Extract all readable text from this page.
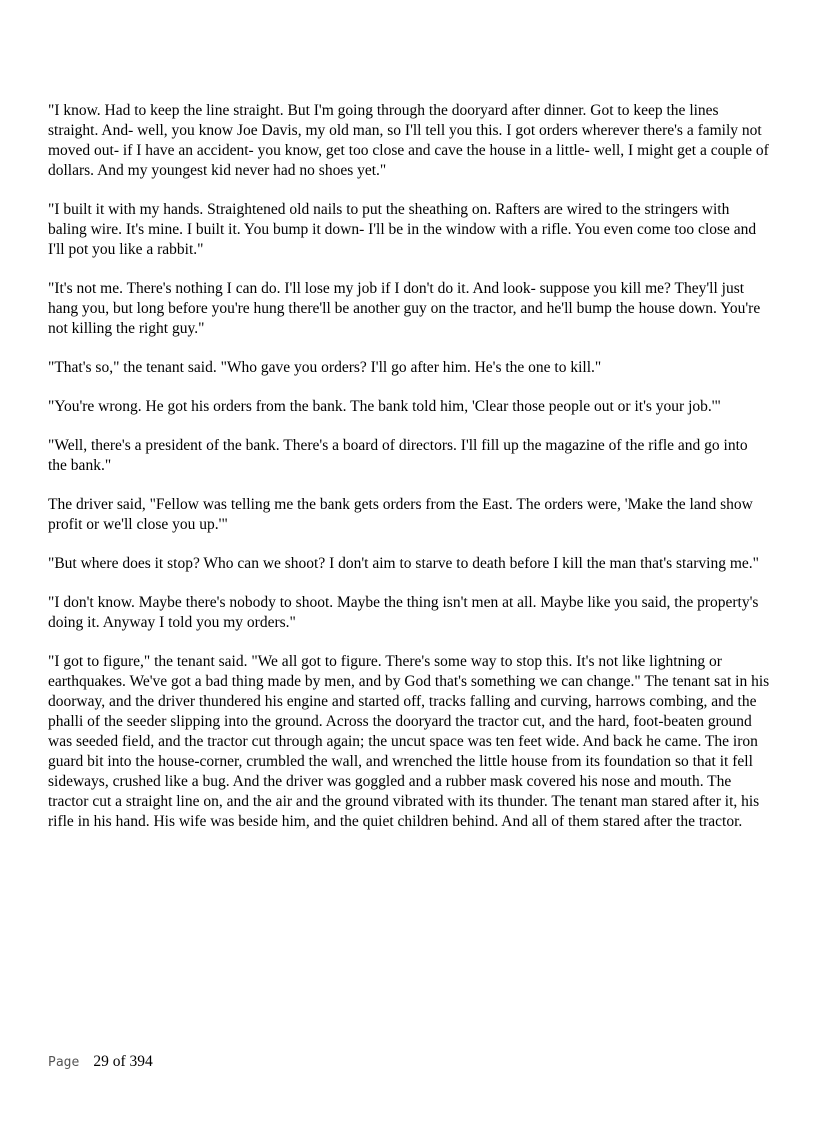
"I know. Had to keep the line straight. But I'm going through the dooryard after dinner. Got to keep the lines straight. And- well, you know Joe Davis, my old man, so I'll tell you this. I got orders wherever there's a family not moved out- if I have an accident- you know, get too close and cave the house in a little- well, I might get a couple of dollars. And my youngest kid never had no shoes yet."

"I built it with my hands. Straightened old nails to put the sheathing on. Rafters are wired to the stringers with baling wire. It's mine. I built it. You bump it down- I'll be in the window with a rifle. You even come too close and I'll pot you like a rabbit."

"It's not me. There's nothing I can do. I'll lose my job if I don't do it. And look- suppose you kill me? They'll just hang you, but long before you're hung there'll be another guy on the tractor, and he'll bump the house down. You're not killing the right guy."

"That's so," the tenant said. "Who gave you orders? I'll go after him. He's the one to kill."

"You're wrong. He got his orders from the bank. The bank told him, 'Clear those people out or it's your job.'"

"Well, there's a president of the bank. There's a board of directors. I'll fill up the magazine of the rifle and go into the bank."

The driver said, "Fellow was telling me the bank gets orders from the East. The orders were, 'Make the land show profit or we'll close you up.'"

"But where does it stop? Who can we shoot? I don't aim to starve to death before I kill the man that's starving me."

"I don't know. Maybe there's nobody to shoot. Maybe the thing isn't men at all. Maybe like you said, the property's doing it. Anyway I told you my orders."

"I got to figure," the tenant said. "We all got to figure. There's some way to stop this. It's not like lightning or earthquakes. We've got a bad thing made by men, and by God that's something we can change." The tenant sat in his doorway, and the driver thundered his engine and started off, tracks falling and curving, harrows combing, and the phalli of the seeder slipping into the ground. Across the dooryard the tractor cut, and the hard, foot-beaten ground was seeded field, and the tractor cut through again; the uncut space was ten feet wide. And back he came. The iron guard bit into the house-corner, crumbled the wall, and wrenched the little house from its foundation so that it fell sideways, crushed like a bug. And the driver was goggled and a rubber mask covered his nose and mouth. The tractor cut a straight line on, and the air and the ground vibrated with its thunder. The tenant man stared after it, his rifle in his hand. His wife was beside him, and the quiet children behind. And all of them stared after the tractor.

Page 29 of 394
